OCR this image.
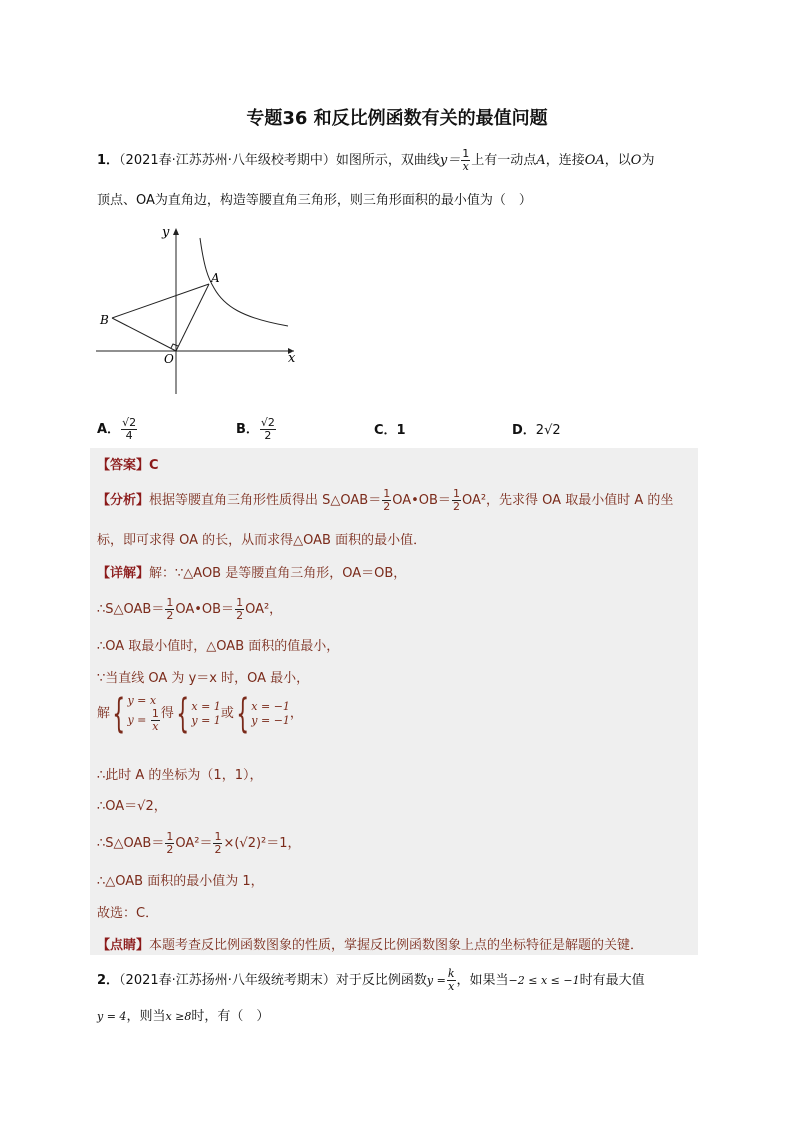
专题36 和反比例函数有关的最值问题
1．（2021春·江苏苏州·八年级校考期中）如图所示，双曲线$y= \frac{1}{x}$ 上有一动点A，连接OA，以O为
顶点、OA为直角边，构造等腰直角三角形，则三角形面积的最小值为（　）
y
x
A
B
O
A． $\frac{√2}{4}$	B． $\frac{√2}{2}$	C．1	D．2√2
【答案】C
【分析】根据等腰直角三角形性质得出 S△OAB＝ $\frac{1}{2}$ OA•OB＝ $\frac{1}{2} OA^2$，先求得 OA 取最小值时 A 的坐
标，即可求得 OA 的长，从而求得△OAB 面积的最小值．
【详解】解：∵△AOB 是等腰直角三角形，OA＝OB，
∴S△OAB＝ $\frac{1}{2}$ OA•OB＝ $\frac{1}{2} OA^2$，
∴OA 取最小值时，△OAB 面积的值最小，
∵当直线 OA 为 y＝x 时，OA 最小，
解{ y = x
$y = \frac{1}{x}$ 得{ x = 1
y = 1 或{ x = −1
y = −1 ，
∴此时 A 的坐标为（1，1），
∴OA＝√2，
∴S△OAB＝ $\frac{1}{2} OA^2= \frac{1}{2} \times(√2)^2=1$，
∴△OAB 面积的最小值为 1，
故选：C．
【点睛】本题考查反比例函数图象的性质，掌握反比例函数图象上点的坐标特征是解题的关键．
2．（2021春·江苏扬州·八年级统考期末）对于反比例函数$y = \frac{k}{x}$ ，如果当−2 ≤ x ≤ −1时有最大值
y = 4，则当x ≥8时，有（　）
